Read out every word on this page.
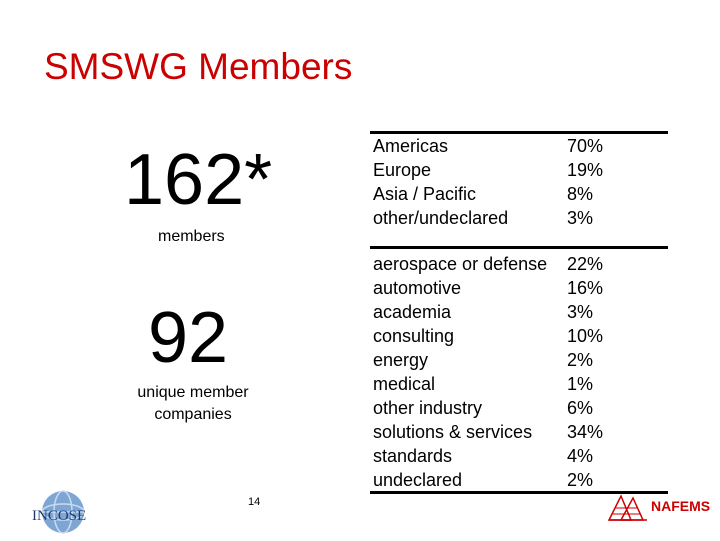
SMSWG Members
162*
members
92
unique member companies
Americas	70%
Europe	19%
Asia / Pacific	8%
other/undeclared	3%
aerospace or defense 22%
automotive	16%
academia	3%
consulting	10%
energy	2%
medical	1%
other industry	6%
solutions & services 34%
standards	4%
undeclared	2%
14
INCOSE
NAFEMS
